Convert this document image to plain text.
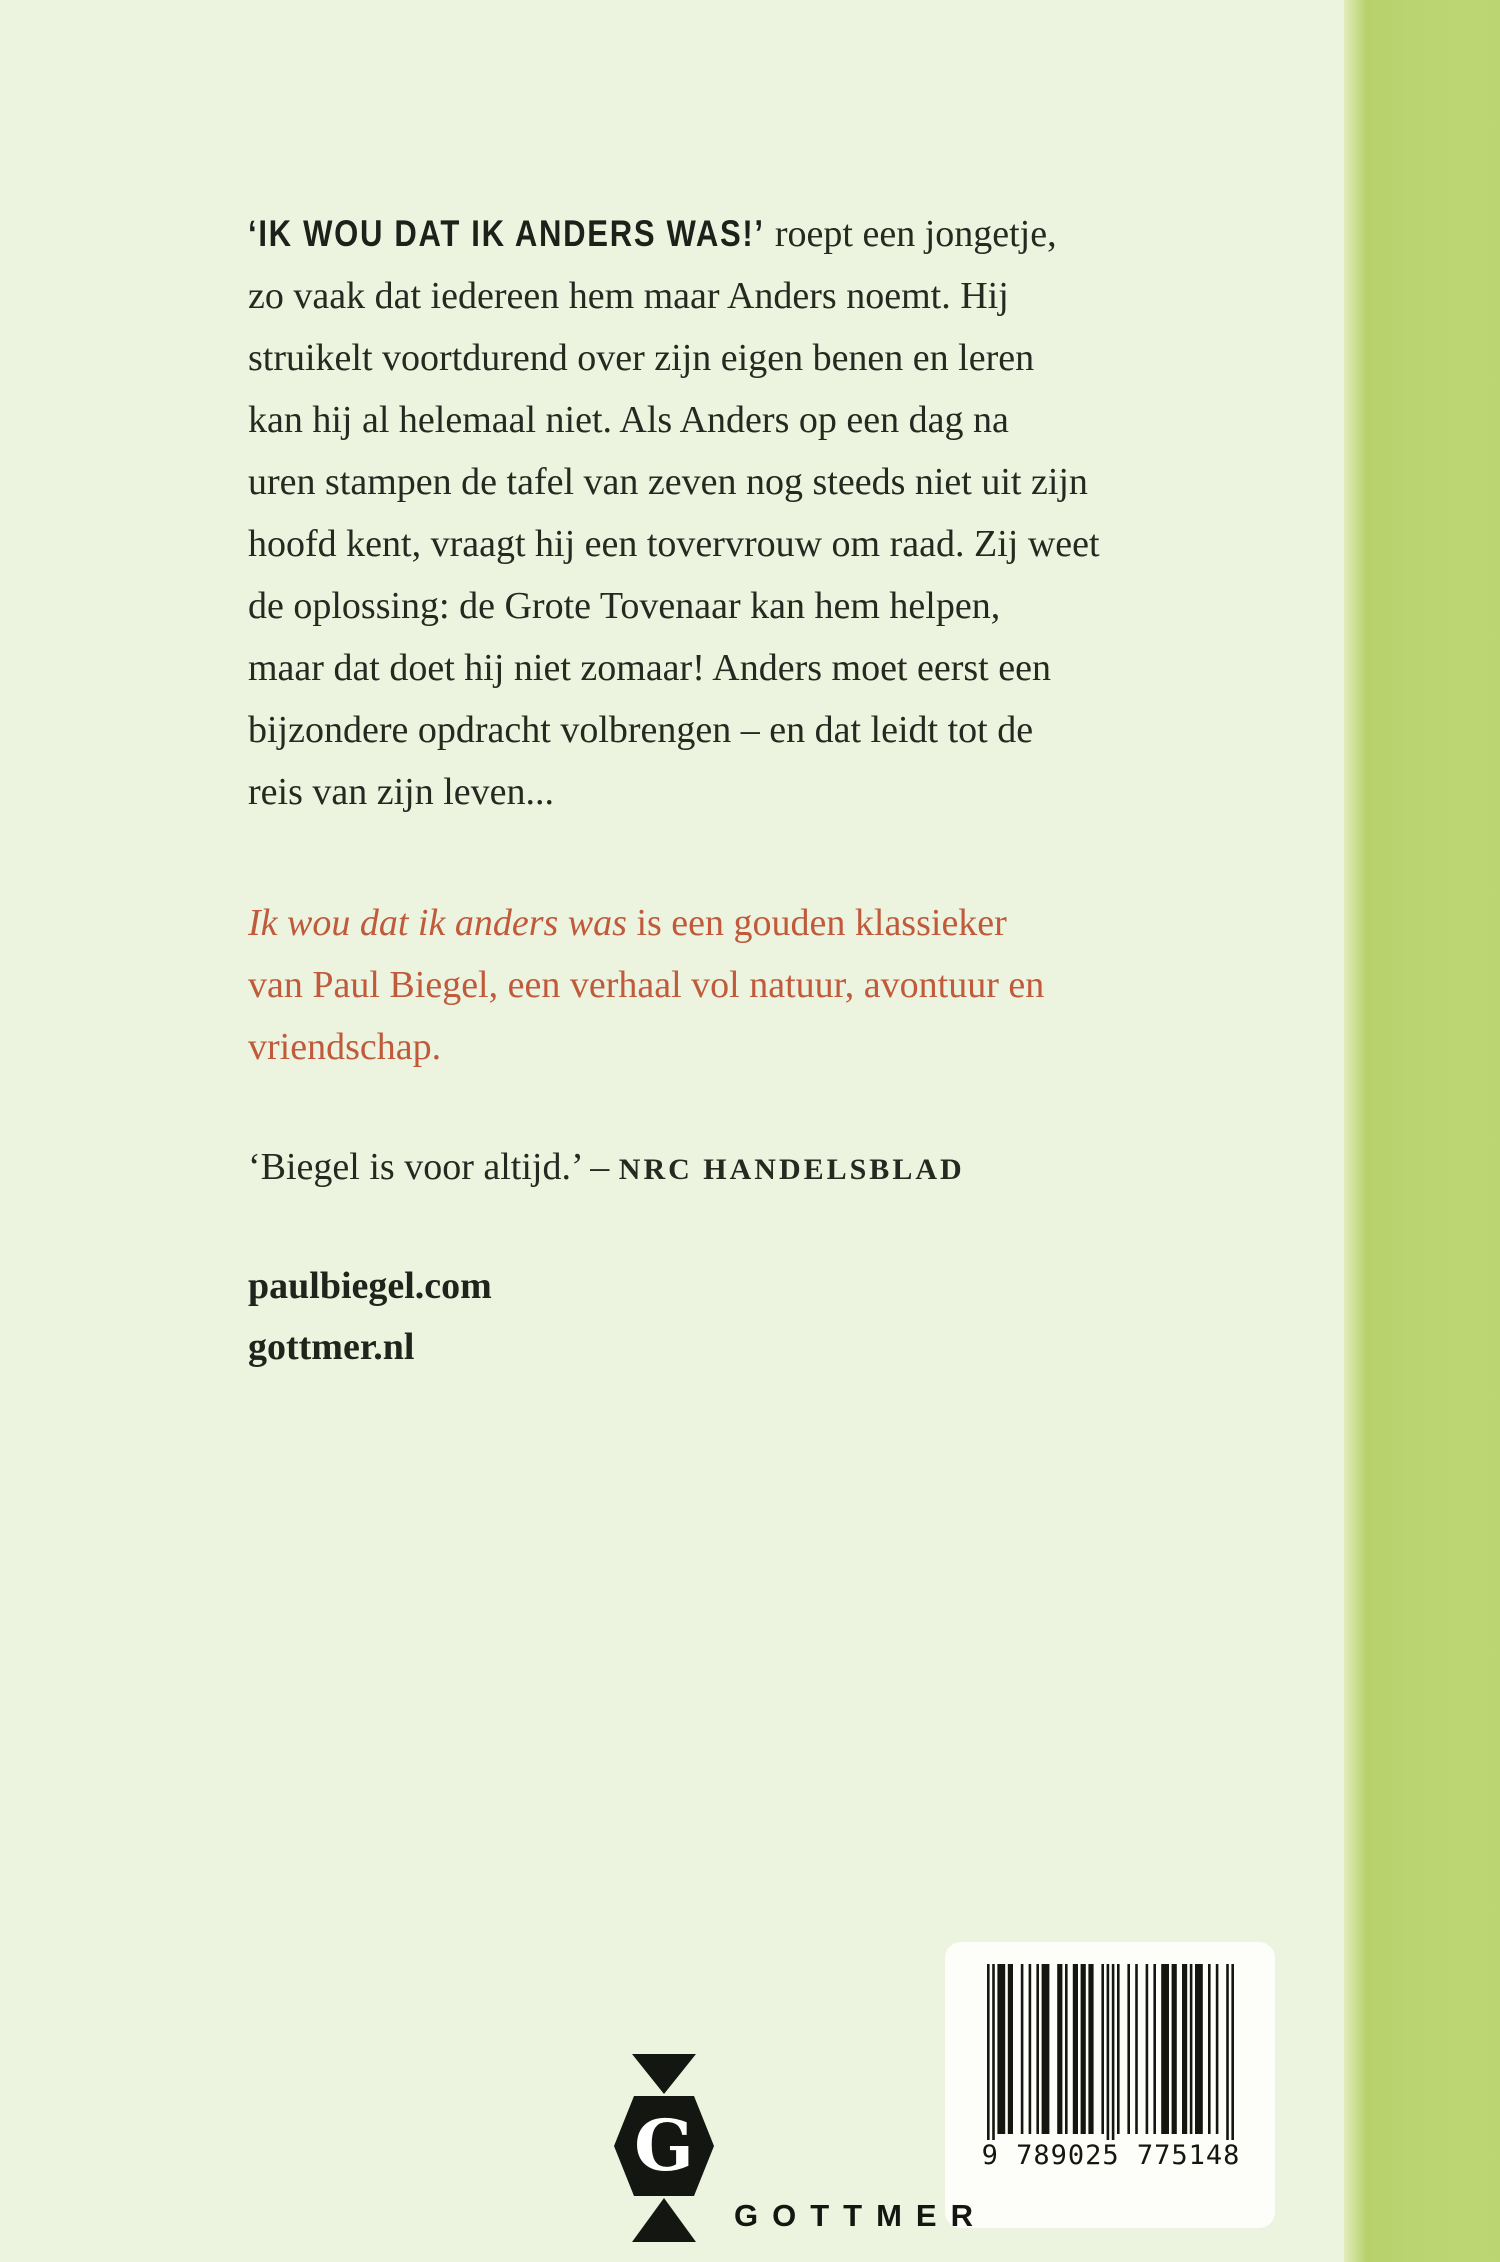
‘IK WOU DAT IK ANDERS WAS!’ roept een jongetje,
zo vaak dat iedereen hem maar Anders noemt. Hij
struikelt voortdurend over zijn eigen benen en leren
kan hij al helemaal niet. Als Anders op een dag na
uren stampen de tafel van zeven nog steeds niet uit zijn
hoofd kent, vraagt hij een tovervrouw om raad. Zij weet
de oplossing: de Grote Tovenaar kan hem helpen,
maar dat doet hij niet zomaar! Anders moet eerst een
bijzondere opdracht volbrengen – en dat leidt tot de
reis van zijn leven...
Ik wou dat ik anders was is een gouden klassieker
van Paul Biegel, een verhaal vol natuur, avontuur en
vriendschap.
‘Biegel is voor altijd.’ – NRC HANDELSBLAD
paulbiegel.com
gottmer.nl
9 789025 775148
G
GOTTMER
